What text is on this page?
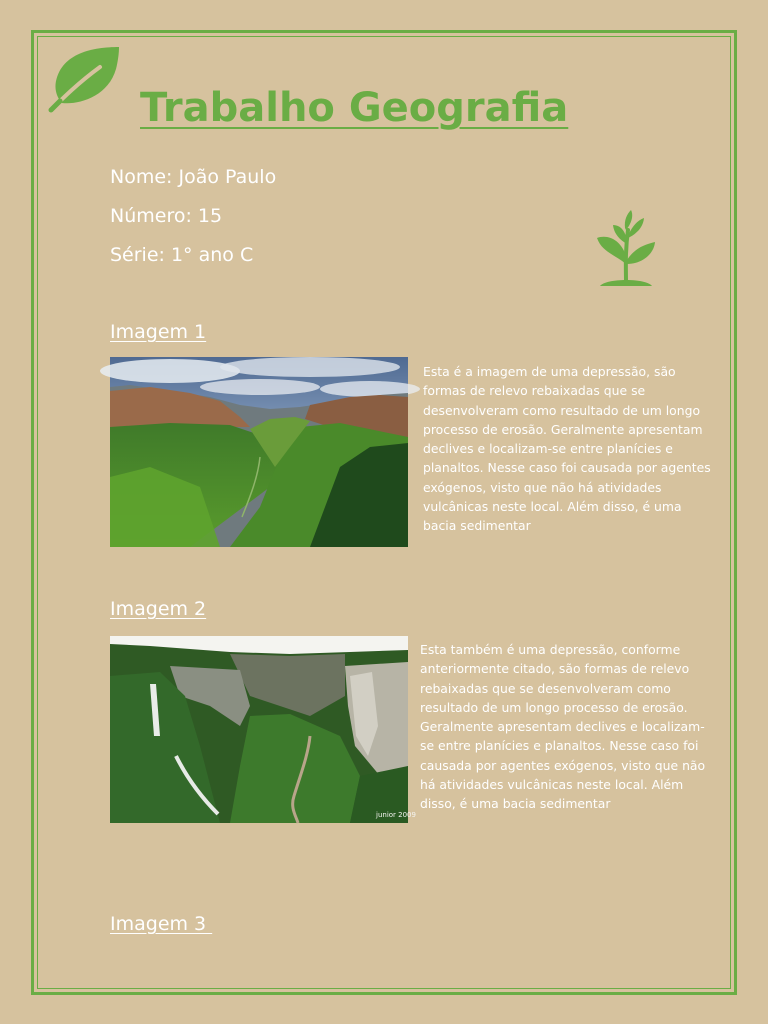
Trabalho Geografia

Nome: João Paulo

Número: 15

Série: 1° ano C

Imagem 1

Esta é a imagem de uma depressão, são formas de relevo rebaixadas que se desenvolveram como resultado de um longo processo de erosão. Geralmente apresentam declives e localizam-se entre planícies e planaltos. Nesse caso foi causada por agentes exógenos, visto que não há atividades vulcânicas neste local. Além disso, é uma bacia sedimentar

Imagem 2
junior 2009

Esta também é uma depressão, conforme anteriormente citado, são formas de relevo rebaixadas que se desenvolveram como resultado de um longo processo de erosão. Geralmente apresentam declives e localizam-se entre planícies e planaltos. Nesse caso foi causada por agentes exógenos, visto que não há atividades vulcânicas neste local. Além disso, é uma bacia sedimentar

Imagem 3
